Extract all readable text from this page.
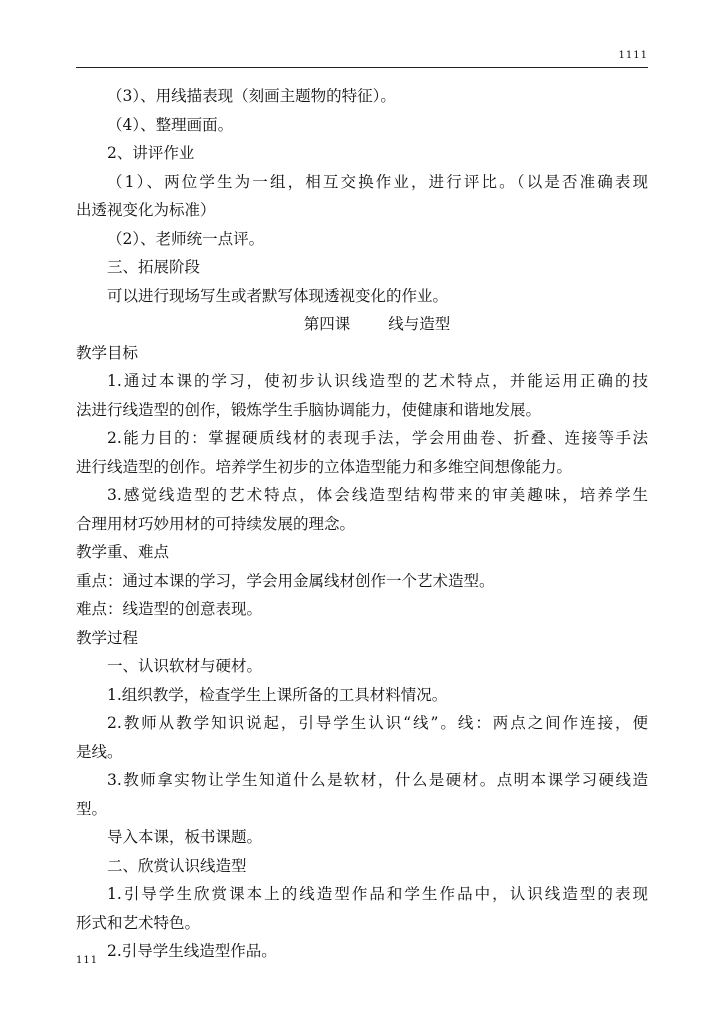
1111
（3）、用线描表现（刻画主题物的特征）。
（4）、整理画面。
2、讲评作业
（1）、两位学生为一组，相互交换作业，进行评比。（以是否准确表现
出透视变化为标准）
（2）、老师统一点评。
三、拓展阶段
可以进行现场写生或者默写体现透视变化的作业。
第四课 线与造型
教学目标
1.通过本课的学习，使初步认识线造型的艺术特点，并能运用正确的技
法进行线造型的创作，锻炼学生手脑协调能力，使健康和谐地发展。
2.能力目的：掌握硬质线材的表现手法，学会用曲卷、折叠、连接等手法
进行线造型的创作。培养学生初步的立体造型能力和多维空间想像能力。
3.感觉线造型的艺术特点，体会线造型结构带来的审美趣味，培养学生
合理用材巧妙用材的可持续发展的理念。
教学重、难点
重点：通过本课的学习，学会用金属线材创作一个艺术造型。
难点：线造型的创意表现。
教学过程
一、认识软材与硬材。
1.组织教学，检查学生上课所备的工具材料情况。
2.教师从教学知识说起，引导学生认识“线”。线：两点之间作连接，便
是线。
3.教师拿实物让学生知道什么是软材，什么是硬材。点明本课学习硬线造
型。
导入本课，板书课题。
二、欣赏认识线造型
1.引导学生欣赏课本上的线造型作品和学生作品中，认识线造型的表现
形式和艺术特色。
2.引导学生线造型作品。
111
